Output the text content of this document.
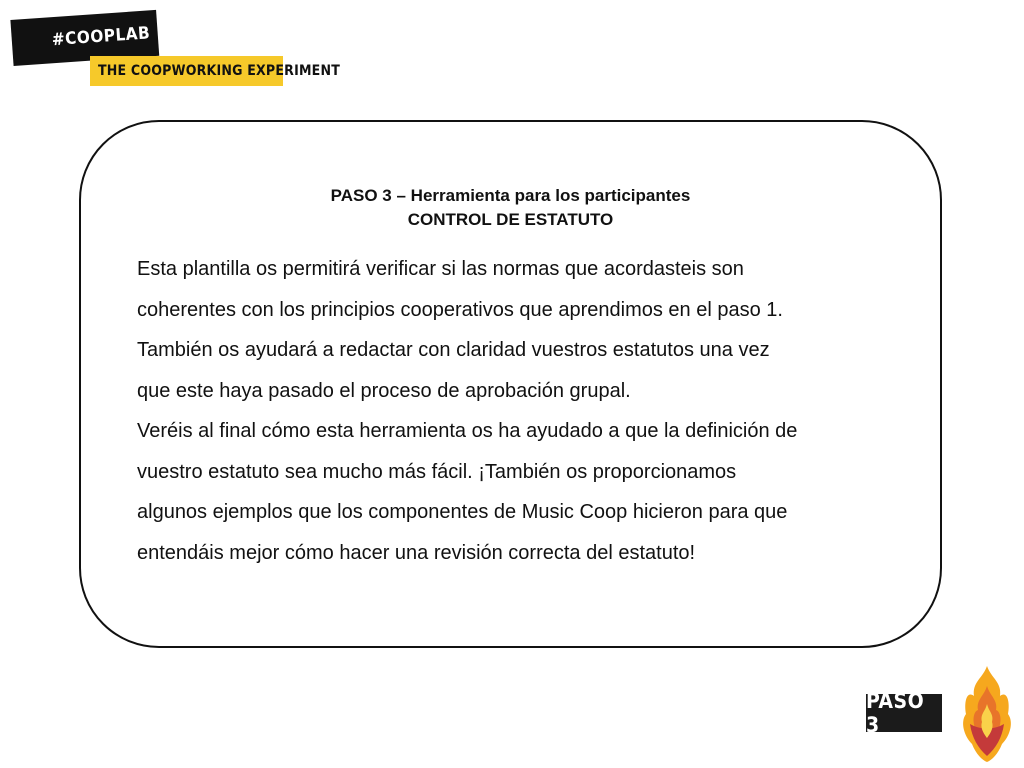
#COOPLAB
THE COOPWORKING EXPERIMENT
PASO 3 – Herramienta para los participantes
CONTROL DE ESTATUTO
Esta plantilla os permitirá verificar si las normas que acordasteis son
coherentes con los principios cooperativos que aprendimos en el paso 1.
También os ayudará a redactar con claridad vuestros estatutos una vez
que este haya pasado el proceso de aprobación grupal.
Veréis al final cómo esta herramienta os ha ayudado a que la definición de
vuestro estatuto sea mucho más fácil. ¡También os proporcionamos
algunos ejemplos que los componentes de Music Coop hicieron para que
entendáis mejor cómo hacer una revisión correcta del estatuto!
PASO 3
